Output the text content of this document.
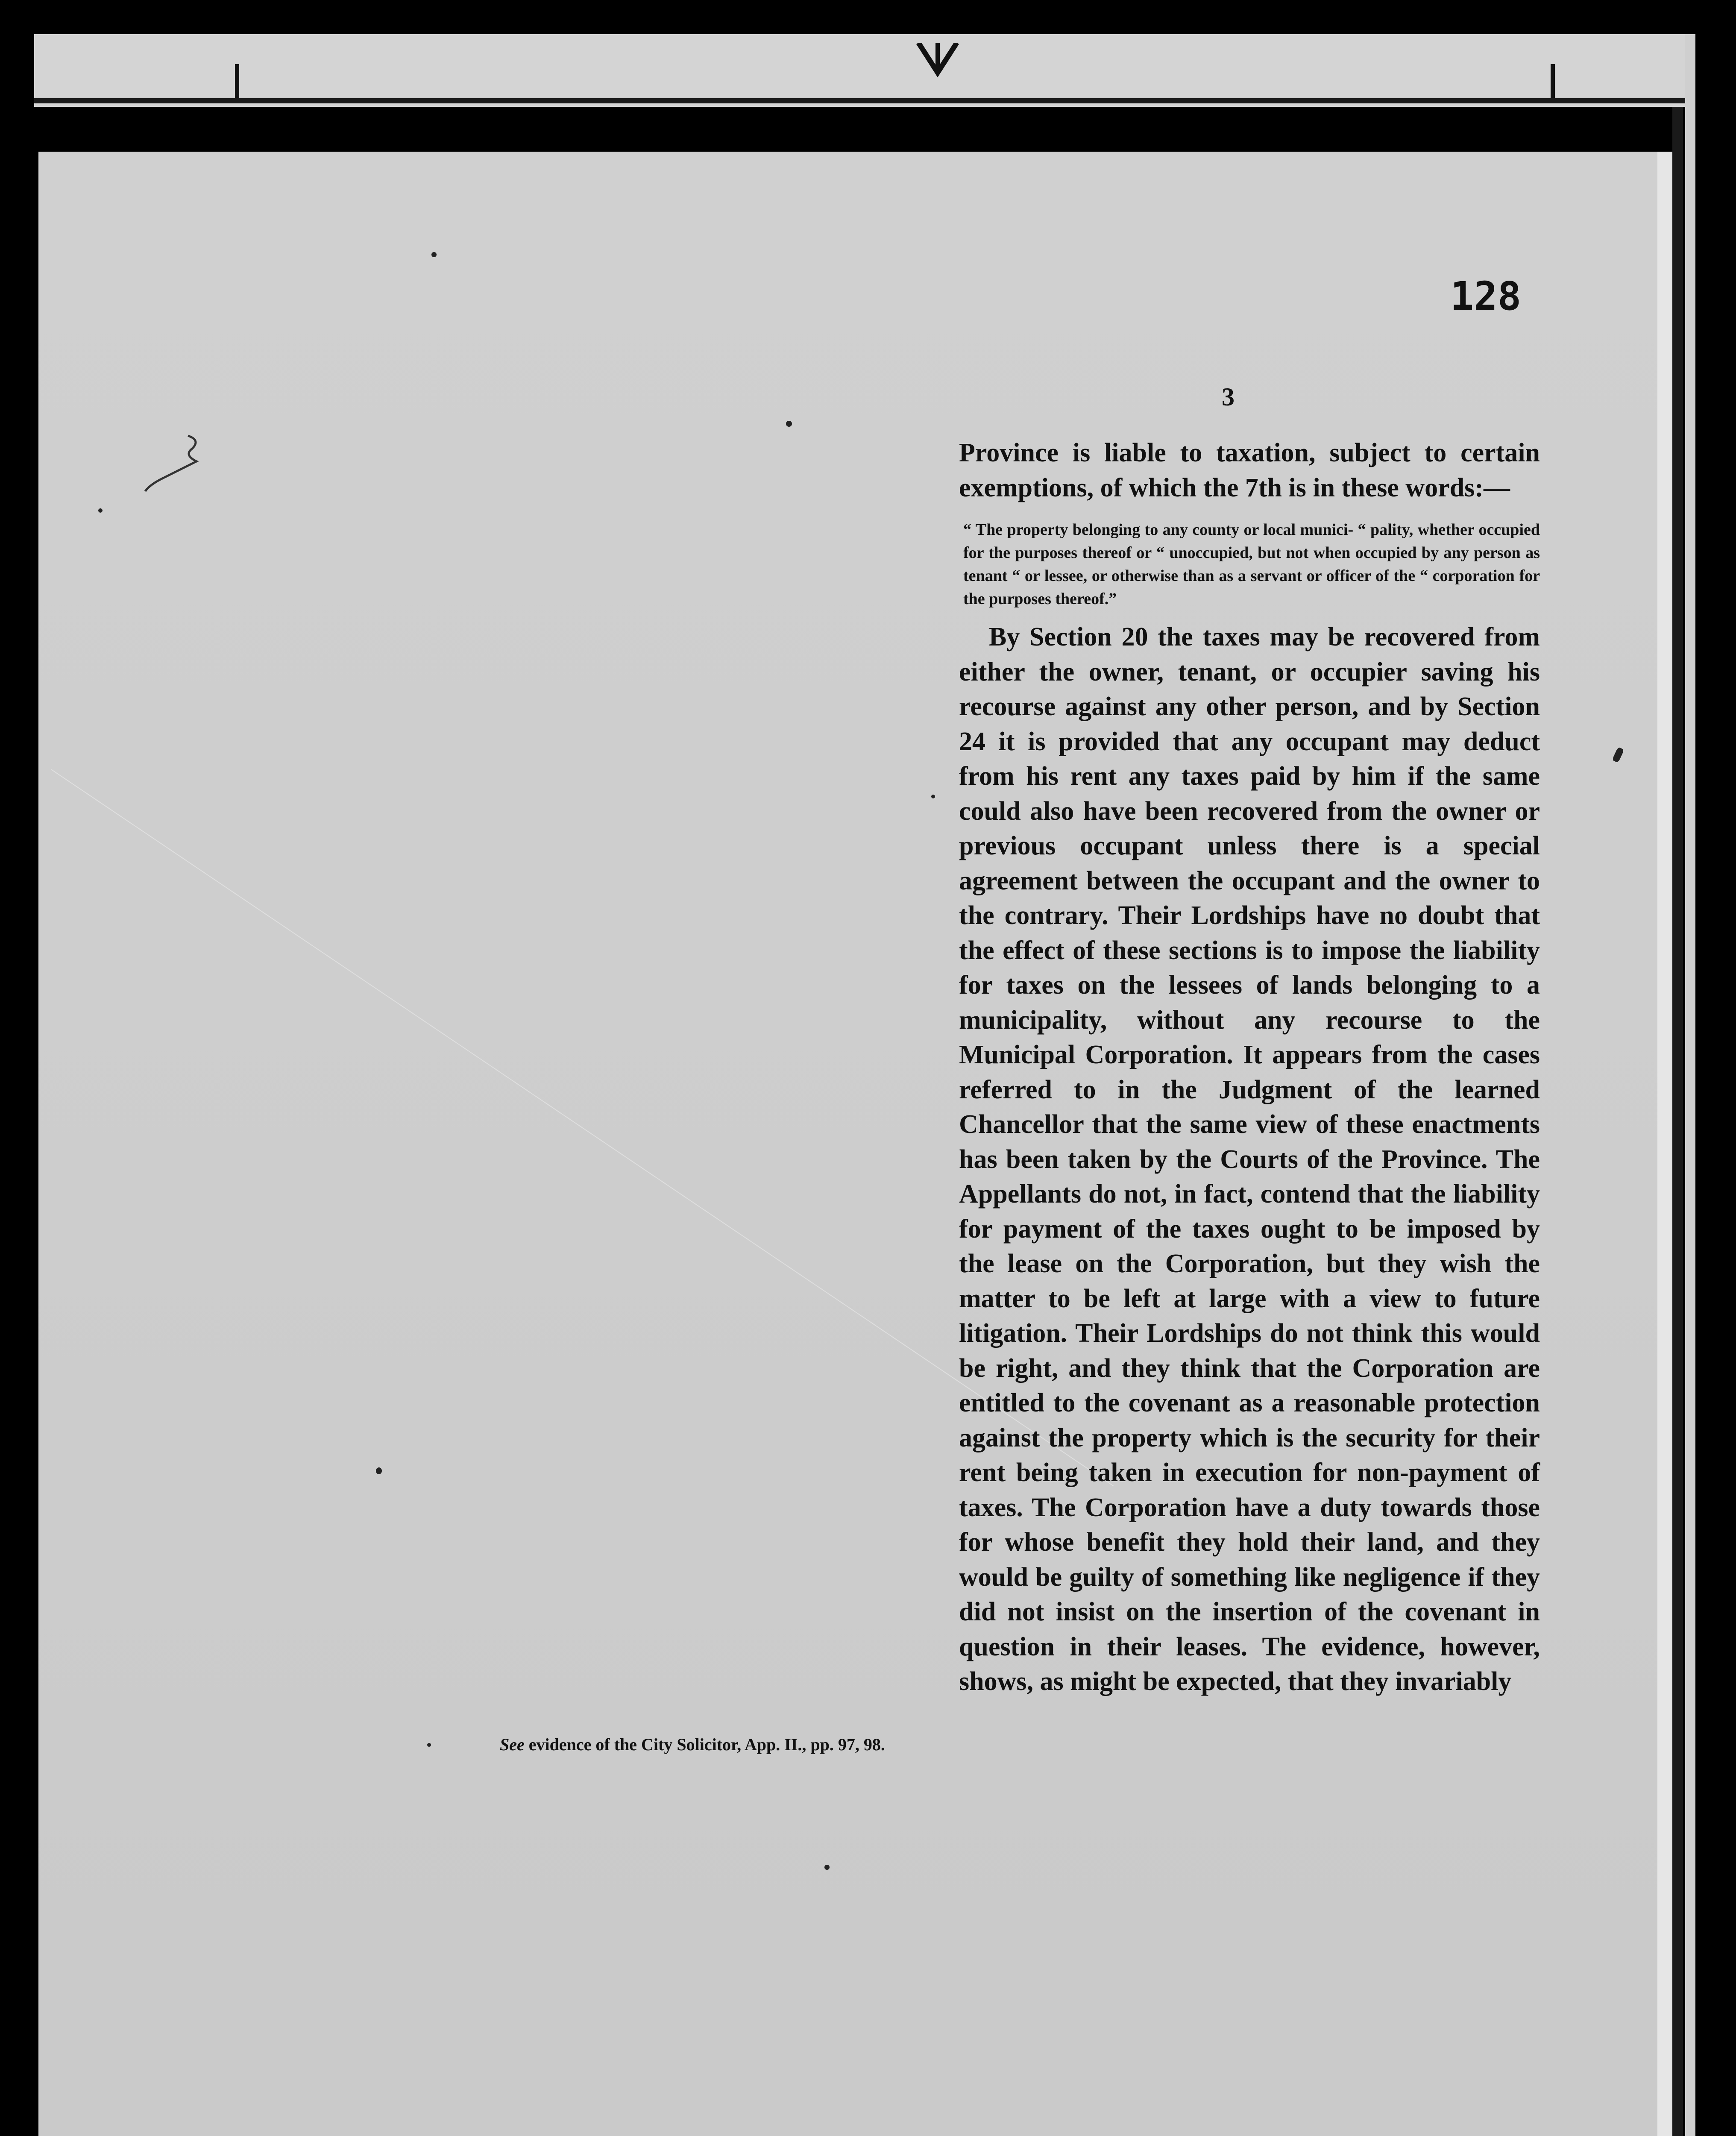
128
3

Province is liable to taxation, subject to certain exemptions, of which the 7th is in these words:—

“ The property belonging to any county or local munici- “ pality, whether occupied for the purposes thereof or “ unoccupied, but not when occupied by any person as tenant “ or lessee, or otherwise than as a servant or officer of the “ corporation for the purposes thereof.”

By Section 20 the taxes may be recovered from either the owner, tenant, or occupier saving his recourse against any other person, and by Section 24 it is provided that any occupant may deduct from his rent any taxes paid by him if the same could also have been recovered from the owner or previous occupant unless there is a special agreement between the occupant and the owner to the contrary. Their Lordships have no doubt that the effect of these sections is to impose the liability for taxes on the lessees of lands belonging to a municipality, without any recourse to the Municipal Corporation. It appears from the cases referred to in the Judgment of the learned Chancellor that the same view of these enactments has been taken by the Courts of the Province. The Appellants do not, in fact, contend that the liability for payment of the taxes ought to be imposed by the lease on the Corporation, but they wish the matter to be left at large with a view to future litigation. Their Lordships do not think this would be right, and they think that the Corporation are entitled to the covenant as a reasonable protection against the property which is the security for their rent being taken in execution for non-payment of taxes. The Corporation have a duty towards those for whose benefit they hold their land, and they would be guilty of something like negligence if they did not insist on the insertion of the covenant in question in their leases. The evidence, however, shows, as might be expected, that they invariably

See evidence of the City Solicitor, App. II., pp. 97, 98.
